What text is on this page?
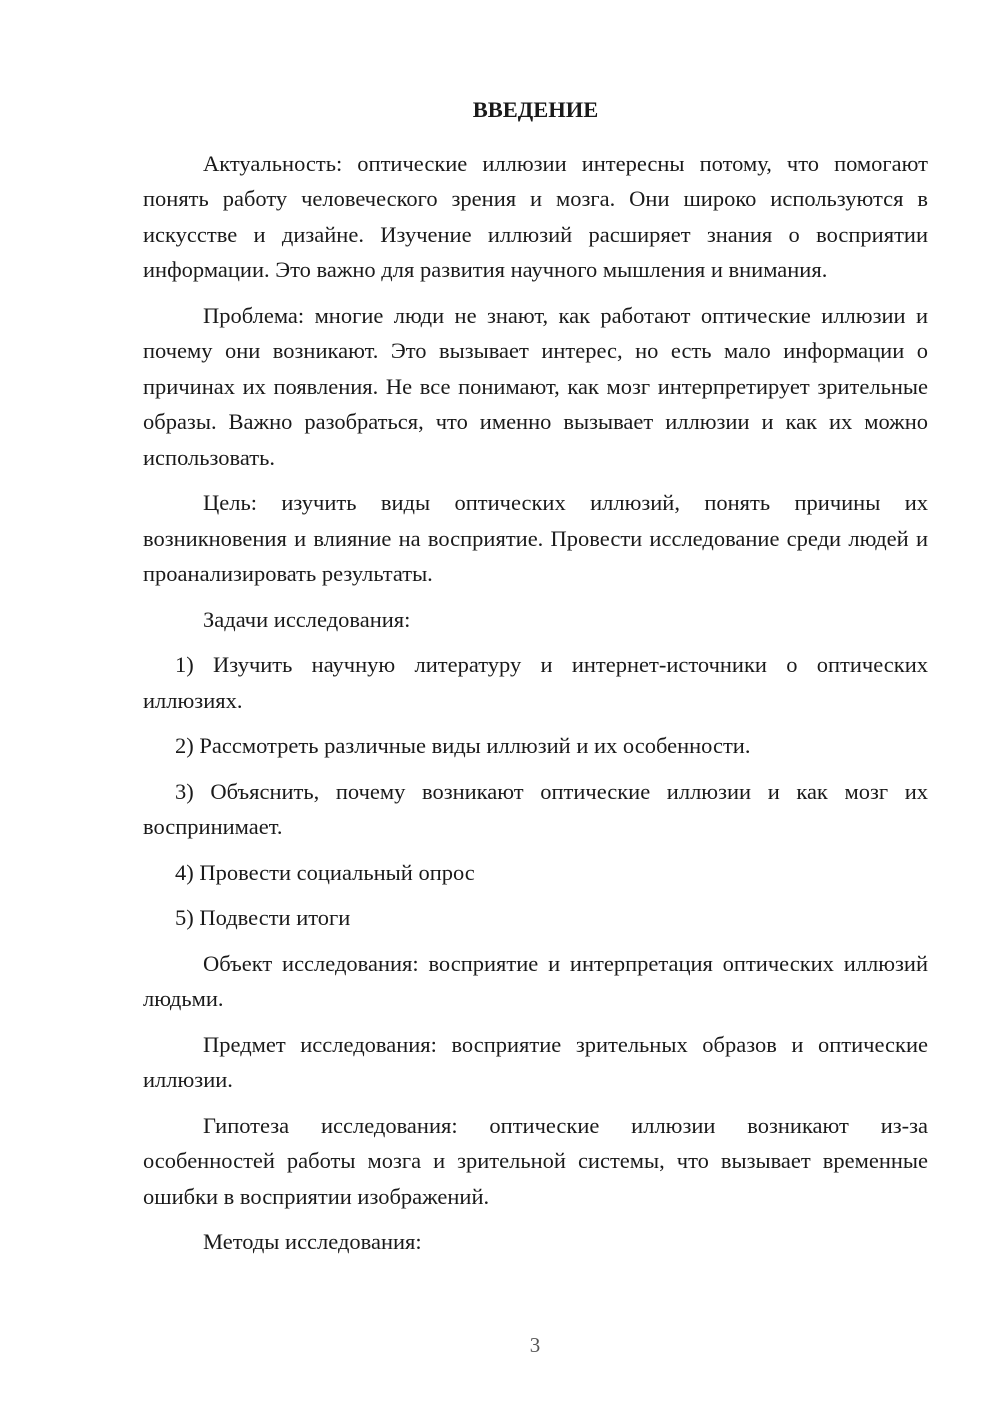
ВВЕДЕНИЕ

Актуальность: оптические иллюзии интересны потому, что помогают понять работу человеческого зрения и мозга. Они широко используются в искусстве и дизайне. Изучение иллюзий расширяет знания о восприятии информации. Это важно для развития научного мышления и внимания.

Проблема: многие люди не знают, как работают оптические иллюзии и почему они возникают. Это вызывает интерес, но есть мало информации о причинах их появления. Не все понимают, как мозг интерпретирует зрительные образы. Важно разобраться, что именно вызывает иллюзии и как их можно использовать.

Цель: изучить виды оптических иллюзий, понять причины их возникновения и влияние на восприятие. Провести исследование среди людей и проанализировать результаты.

Задачи исследования:

1) Изучить научную литературу и интернет-источники о оптических иллюзиях.

2) Рассмотреть различные виды иллюзий и их особенности.

3) Объяснить, почему возникают оптические иллюзии и как мозг их воспринимает.

4) Провести социальный опрос

5) Подвести итоги

Объект исследования: восприятие и интерпретация оптических иллюзий людьми.

Предмет исследования: восприятие зрительных образов и оптические иллюзии.

Гипотеза исследования: оптические иллюзии возникают из-за особенностей работы мозга и зрительной системы, что вызывает временные ошибки в восприятии изображений.

Методы исследования:

3
